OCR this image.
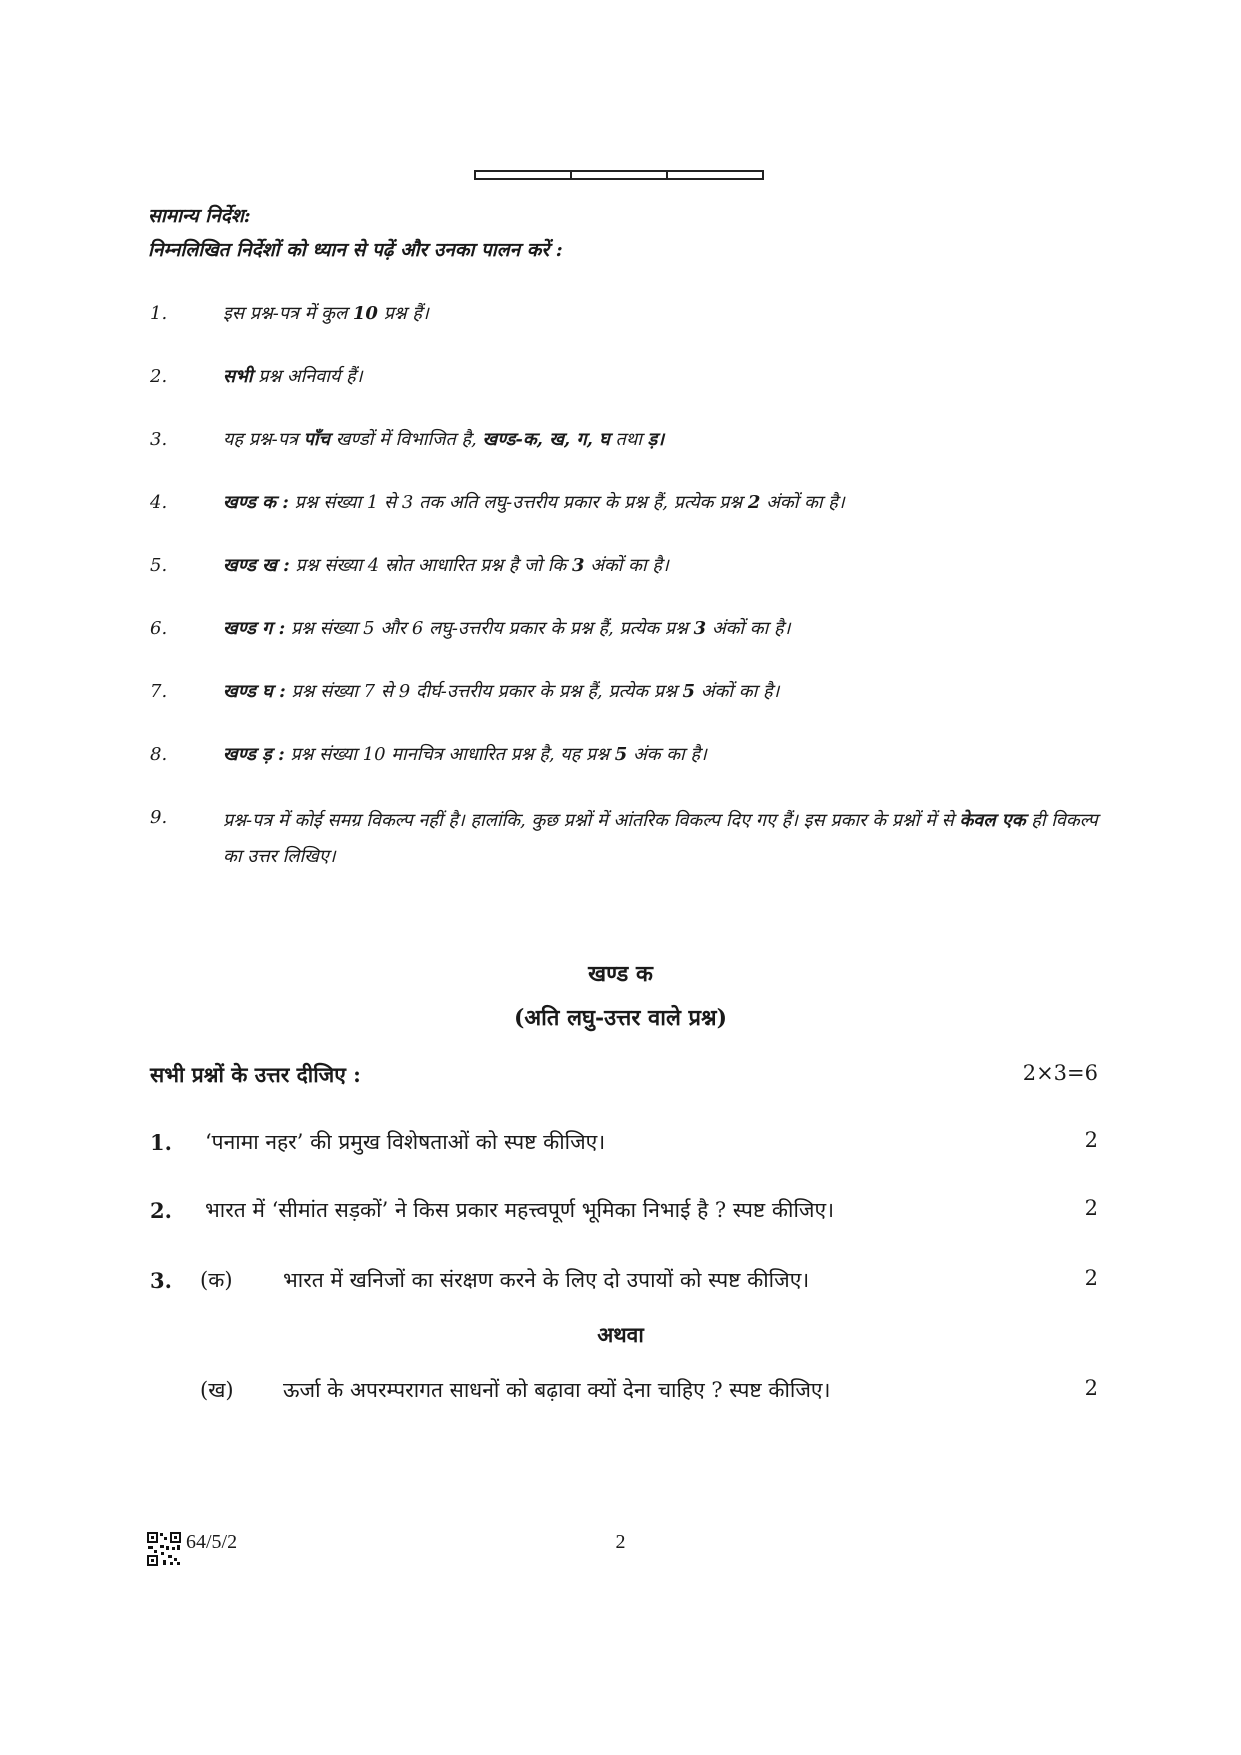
सामान्य निर्देश:
निम्नलिखित निर्देशों को ध्यान से पढ़ें और उनका पालन करें :
1.	इस प्रश्न-पत्र में कुल 10 प्रश्न हैं।
2.	सभी प्रश्न अनिवार्य हैं।
3.	यह प्रश्न-पत्र पाँच खण्डों में विभाजित है, खण्ड-क, ख, ग, घ तथा ड़।
4.	खण्ड क : प्रश्न संख्या 1 से 3 तक अति लघु-उत्तरीय प्रकार के प्रश्न हैं, प्रत्येक प्रश्न 2 अंकों का है।
5.	खण्ड ख : प्रश्न संख्या 4 स्रोत आधारित प्रश्न है जो कि 3 अंकों का है।
6.	खण्ड ग : प्रश्न संख्या 5 और 6 लघु-उत्तरीय प्रकार के प्रश्न हैं, प्रत्येक प्रश्न 3 अंकों का है।
7.	खण्ड घ : प्रश्न संख्या 7 से 9 दीर्घ-उत्तरीय प्रकार के प्रश्न हैं, प्रत्येक प्रश्न 5 अंकों का है।
8.	खण्ड ड़ : प्रश्न संख्या 10 मानचित्र आधारित प्रश्न है, यह प्रश्न 5 अंक का है।
9.	प्रश्न-पत्र में कोई समग्र विकल्प नहीं है। हालांकि, कुछ प्रश्नों में आंतरिक विकल्प दिए गए हैं। इस प्रकार के प्रश्नों में से केवल एक ही विकल्प का उत्तर लिखिए।
खण्ड क
(अति लघु-उत्तर वाले प्रश्न)
सभी प्रश्नों के उत्तर दीजिए :	2×3=6
1. ‘पनामा नहर’ की प्रमुख विशेषताओं को स्पष्ट कीजिए।	2
2. भारत में ‘सीमांत सड़कों’ ने किस प्रकार महत्त्वपूर्ण भूमिका निभाई है ? स्पष्ट कीजिए।	2
3. (क) भारत में खनिजों का संरक्षण करने के लिए दो उपायों को स्पष्ट कीजिए।	2
अथवा
(ख) ऊर्जा के अपरम्परागत साधनों को बढ़ावा क्यों देना चाहिए ? स्पष्ट कीजिए।	2
64/5/2	2
